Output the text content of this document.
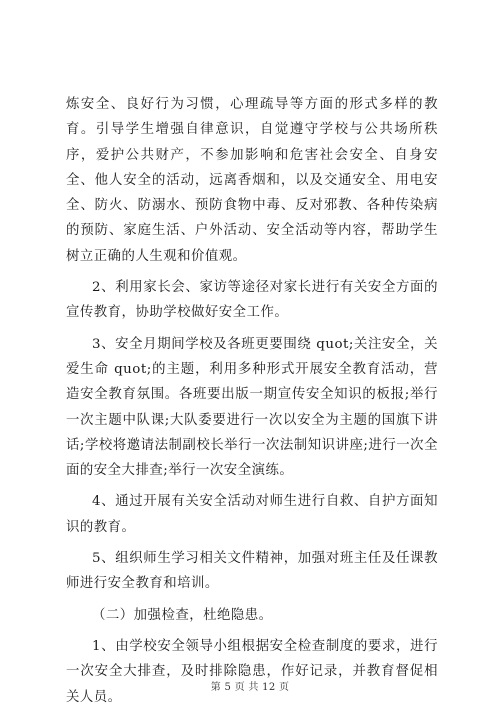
炼安全、良好行为习惯，心理疏导等方面的形式多样的教育。引导学生增强自律意识，自觉遵守学校与公共场所秩序，爱护公共财产，不参加影响和危害社会安全、自身安全、他人安全的活动，远离香烟和，以及交通安全、用电安全、防火、防溺水、预防食物中毒、反对邪教、各种传染病的预防、家庭生活、户外活动、安全活动等内容，帮助学生树立正确的人生观和价值观。

2、利用家长会、家访等途径对家长进行有关安全方面的宣传教育，协助学校做好安全工作。

3、安全月期间学校及各班更要围绕 quot;关注安全，关爱生命 quot;的主题，利用多种形式开展安全教育活动，营造安全教育氛围。各班要出版一期宣传安全知识的板报;举行一次主题中队课;大队委要进行一次以安全为主题的国旗下讲话;学校将邀请法制副校长举行一次法制知识讲座;进行一次全面的安全大排查;举行一次安全演练。

4、通过开展有关安全活动对师生进行自救、自护方面知识的教育。

5、组织师生学习相关文件精神，加强对班主任及任课教师进行安全教育和培训。

（二）加强检查，杜绝隐患。

1、由学校安全领导小组根据安全检查制度的要求，进行一次安全大排查，及时排除隐患，作好记录，并教育督促相关人员。

第 5 页 共 12 页
